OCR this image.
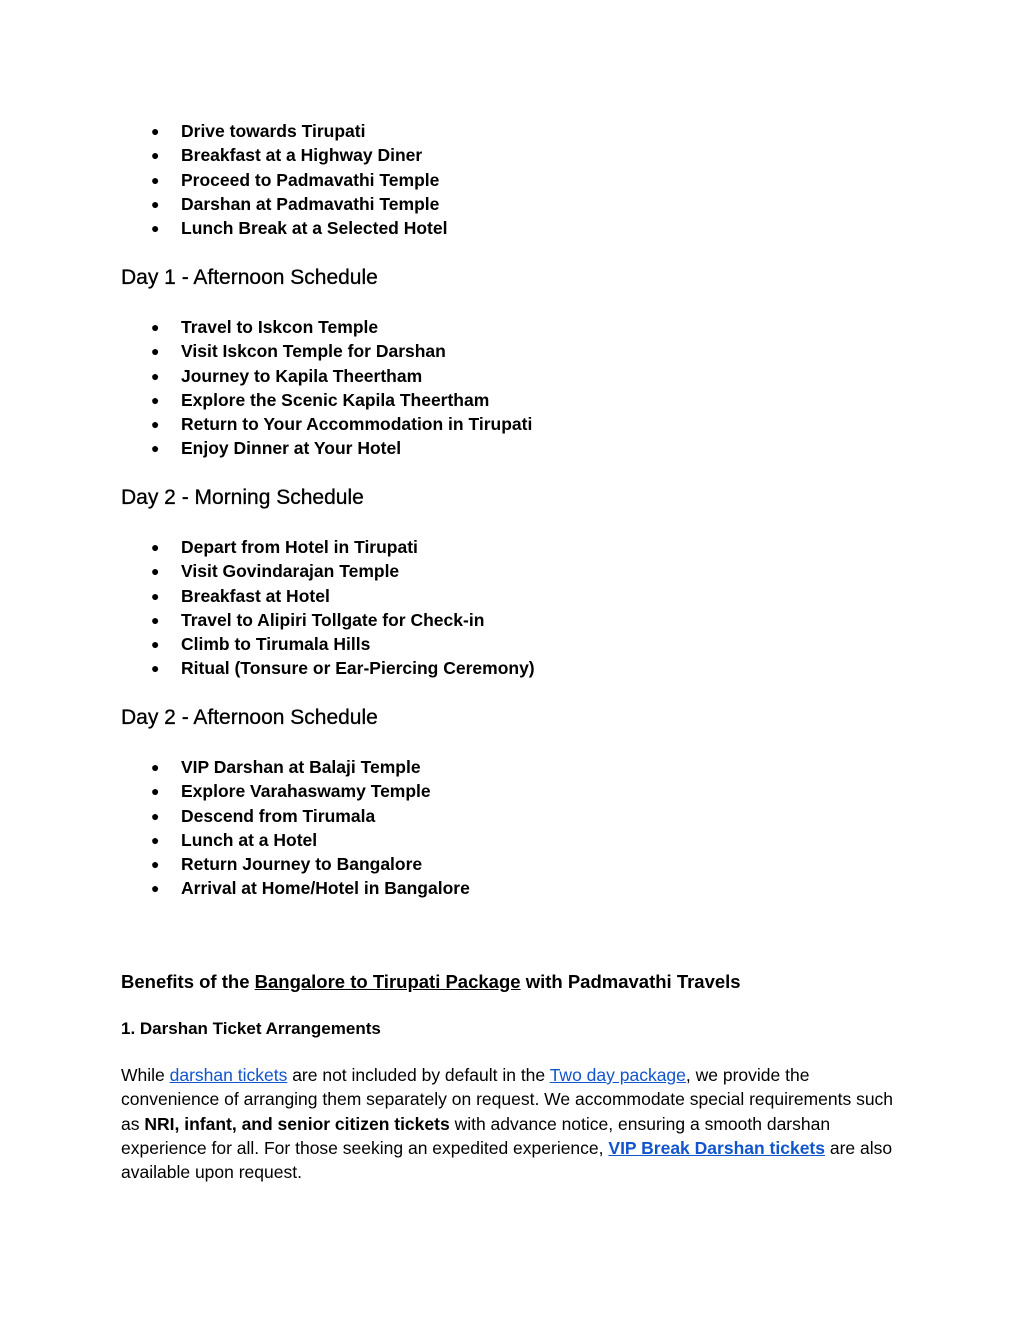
● Drive towards Tirupati
● Breakfast at a Highway Diner
● Proceed to Padmavathi Temple
● Darshan at Padmavathi Temple
● Lunch Break at a Selected Hotel
Day 1 - Afternoon Schedule
● Travel to Iskcon Temple
● Visit Iskcon Temple for Darshan
● Journey to Kapila Theertham
● Explore the Scenic Kapila Theertham
● Return to Your Accommodation in Tirupati
● Enjoy Dinner at Your Hotel
Day 2 - Morning Schedule
● Depart from Hotel in Tirupati
● Visit Govindarajan Temple
● Breakfast at Hotel
● Travel to Alipiri Tollgate for Check-in
● Climb to Tirumala Hills
● Ritual (Tonsure or Ear-Piercing Ceremony)
Day 2 - Afternoon Schedule
● VIP Darshan at Balaji Temple
● Explore Varahaswamy Temple
● Descend from Tirumala
● Lunch at a Hotel
● Return Journey to Bangalore
● Arrival at Home/Hotel in Bangalore
Benefits of the Bangalore to Tirupati Package with Padmavathi Travels
1. Darshan Ticket Arrangements

While darshan tickets are not included by default in the Two day package, we provide the convenience of arranging them separately on request. We accommodate special requirements such as NRI, infant, and senior citizen tickets with advance notice, ensuring a smooth darshan experience for all. For those seeking an expedited experience, VIP Break Darshan tickets are also available upon request.
